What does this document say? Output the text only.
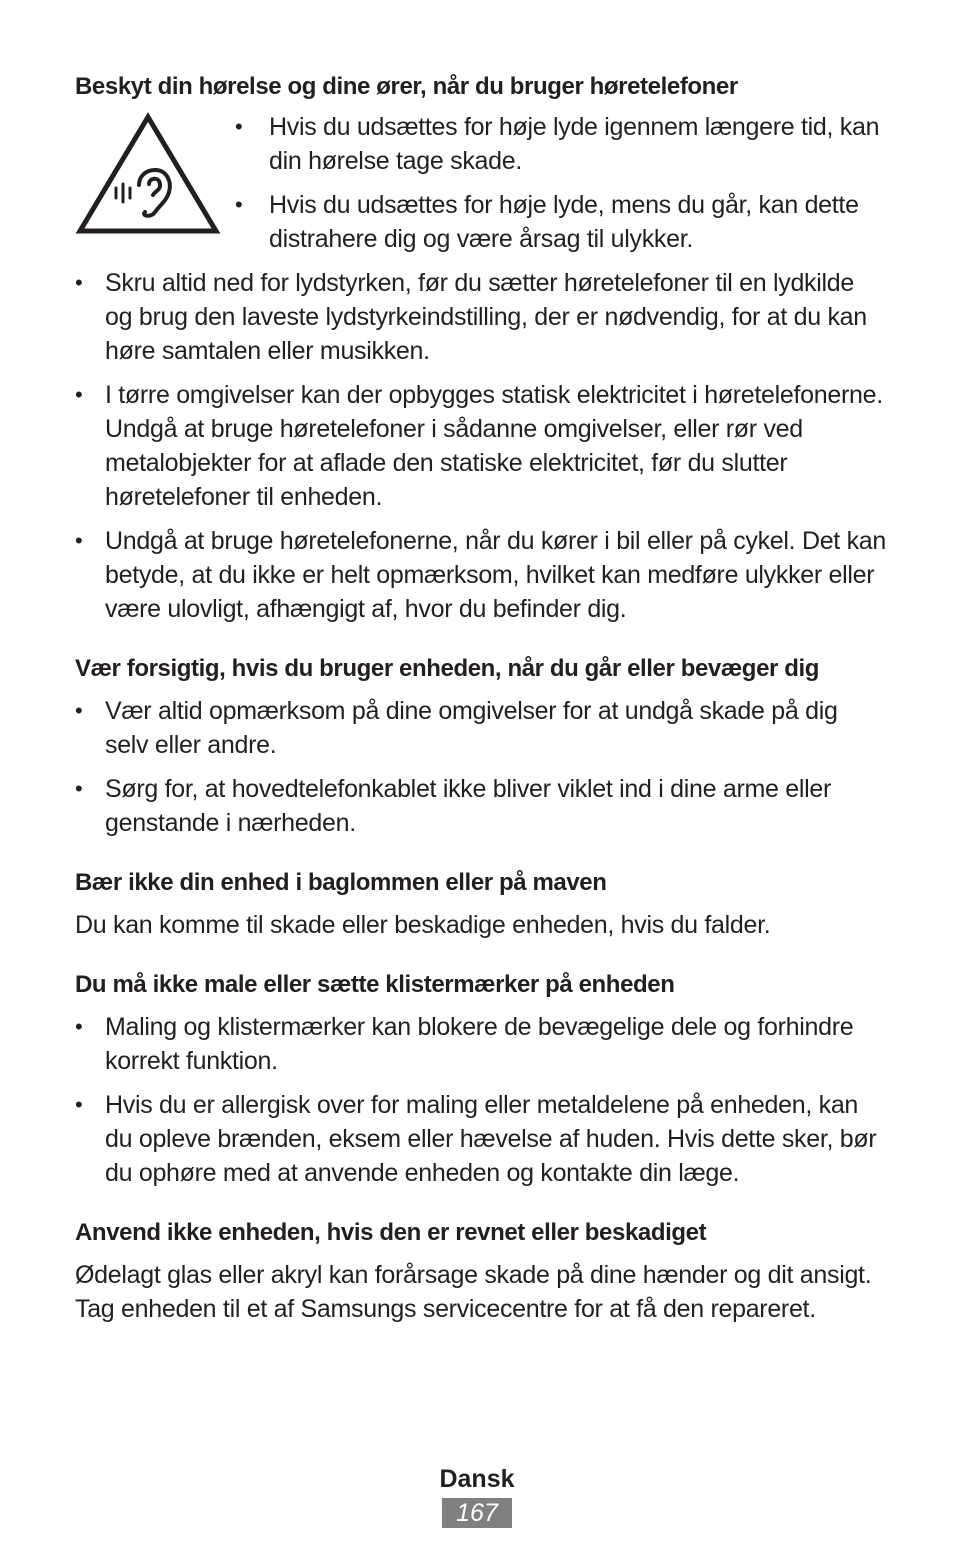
Beskyt din hørelse og dine ører, når du bruger høretelefoner

•	Hvis du udsættes for høje lyde igennem længere tid, kan din hørelse tage skade.
•	Hvis du udsættes for høje lyde, mens du går, kan dette distrahere dig og være årsag til ulykker.
• Skru altid ned for lydstyrken, før du sætter høretelefoner til en lydkilde og brug den laveste lydstyrkeindstilling, der er nødvendig, for at du kan høre samtalen eller musikken.
• I tørre omgivelser kan der opbygges statisk elektricitet i høretelefonerne. Undgå at bruge høretelefoner i sådanne omgivelser, eller rør ved metalobjekter for at aflade den statiske elektricitet, før du slutter høretelefoner til enheden.
• Undgå at bruge høretelefonerne, når du kører i bil eller på cykel. Det kan betyde, at du ikke er helt opmærksom, hvilket kan medføre ulykker eller være ulovligt, afhængigt af, hvor du befinder dig.

Vær forsigtig, hvis du bruger enheden, når du går eller bevæger dig

• Vær altid opmærksom på dine omgivelser for at undgå skade på dig selv eller andre.
• Sørg for, at hovedtelefonkablet ikke bliver viklet ind i dine arme eller genstande i nærheden.

Bær ikke din enhed i baglommen eller på maven

Du kan komme til skade eller beskadige enheden, hvis du falder.

Du må ikke male eller sætte klistermærker på enheden

• Maling og klistermærker kan blokere de bevægelige dele og forhindre korrekt funktion.
• Hvis du er allergisk over for maling eller metaldelene på enheden, kan du opleve brænden, eksem eller hævelse af huden. Hvis dette sker, bør du ophøre med at anvende enheden og kontakte din læge.

Anvend ikke enheden, hvis den er revnet eller beskadiget

Ødelagt glas eller akryl kan forårsage skade på dine hænder og dit ansigt. Tag enheden til et af Samsungs servicecentre for at få den repareret.

Dansk
167
